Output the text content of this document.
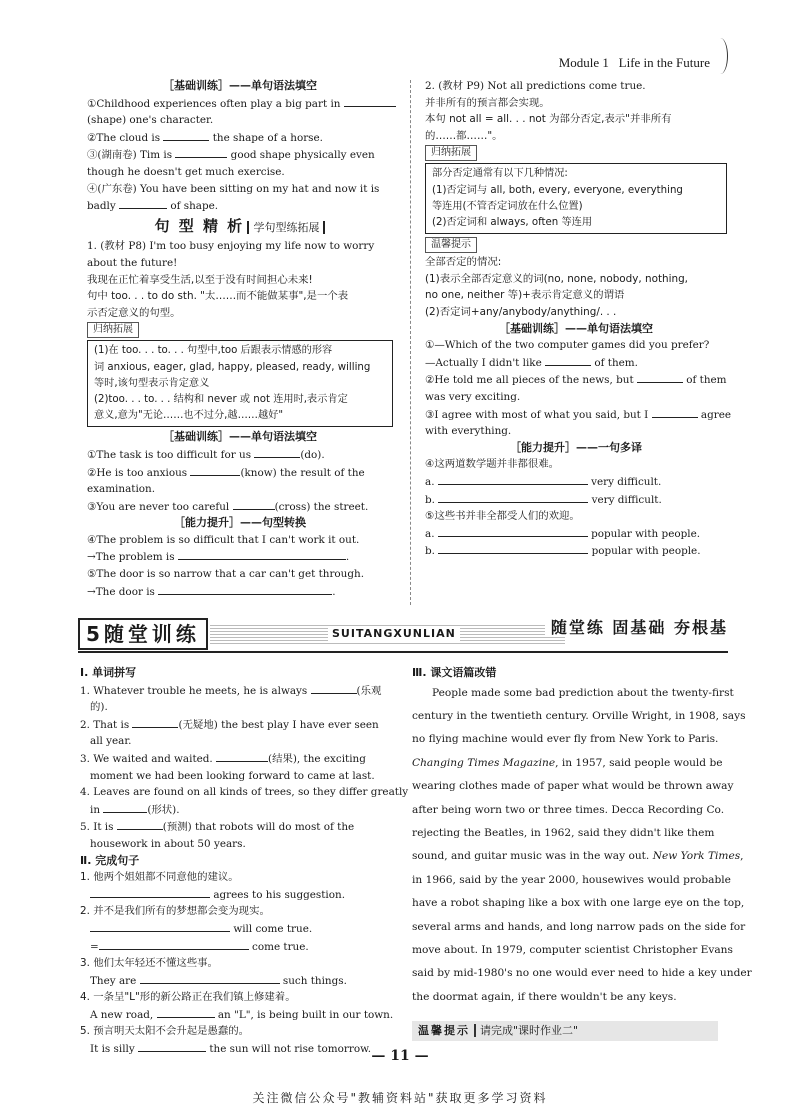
Module 1 Life in the Future
［基础训练］——单句语法填空
①Childhood experiences often play a big part in
(shape) one's character.
②The cloud is	the shape of a horse.
③(湖南卷) Tim is	good shape physically even
though he doesn't get much exercise.
④(广东卷) You have been sitting on my hat and now it is
badly	of shape.
句 型 精 析 学句型练拓展
1. (教材 P8) I'm too busy enjoying my life now to worry
about the future!
我现在正忙着享受生活,以至于没有时间担心未来!
句中 too. . . to do sth. "太……而不能做某事",是一个表
示否定意义的句型。
归纳拓展
(1)在 too. . . to. . . 句型中,too 后跟表示情感的形容
词 anxious, eager, glad, happy, pleased, ready, willing
等时,该句型表示肯定意义
(2)too. . . to. . . 结构和 never 或 not 连用时,表示肯定
意义,意为"无论……也不过分,越……越好"
［基础训练］——单句语法填空
①The task is too difficult for us	(do).
②He is too anxious	(know) the result of the
examination.
③You are never too careful	(cross) the street.
［能力提升］——句型转换
④The problem is so difficult that I can't work it out.
→The problem is	.
⑤The door is so narrow that a car can't get through.
→The door is	.
2. (教材 P9) Not all predictions come true.
并非所有的预言都会实现。
本句 not all = all. . . not 为部分否定,表示"并非所有
的……都……"。
归纳拓展
部分否定通常有以下几种情况:
(1)否定词与 all, both, every, everyone, everything
等连用(不管否定词放在什么位置)
(2)否定词和 always, often 等连用
温馨提示
全部否定的情况:
(1)表示全部否定意义的词(no, none, nobody, nothing,
no one, neither 等)+表示肯定意义的谓语
(2)否定词+any/anybody/anything/. . .
［基础训练］——单句语法填空
①—Which of the two computer games did you prefer?
—Actually I didn't like	of them.
②He told me all pieces of the news, but	of them
was very exciting.
③I agree with most of what you said, but I	agree
with everything.
［能力提升］——一句多译
④这两道数学题并非都很难。
a.	very difficult.
b.	very difficult.
⑤这些书并非全都受人们的欢迎。
a.	popular with people.
b.	popular with people.
5随堂训练	SUITANGXUNLIAN	随堂练 固基础 夯根基
Ⅰ. 单词拼写
1. Whatever trouble he meets, he is always	(乐观
的).
2. That is	(无疑地) the best play I have ever seen
all year.
3. We waited and waited.	(结果), the exciting
moment we had been looking forward to came at last.
4. Leaves are found on all kinds of trees, so they differ greatly
in	(形状).
5. It is	(预测) that robots will do most of the
housework in about 50 years.
Ⅱ. 完成句子
1. 他两个姐姐都不同意他的建议。
agrees to his suggestion.
2. 并不是我们所有的梦想都会变为现实。
will come true.
=	come true.
3. 他们太年轻还不懂这些事。
They are	such things.
4. 一条呈"L"形的新公路正在我们镇上修建着。
A new road,	an "L", is being built in our town.
5. 预言明天太阳不会升起是愚蠢的。
It is silly	the sun will not rise tomorrow.
Ⅲ. 课文语篇改错
People made some bad prediction about the twenty-first
century in the twentieth century. Orville Wright, in 1908, says
no flying machine would ever fly from New York to Paris.
Changing Times Magazine, in 1957, said people would be
wearing clothes made of paper what would be thrown away
after being worn two or three times. Decca Recording Co.
rejecting the Beatles, in 1962, said they didn't like them
sound, and guitar music was in the way out. New York Times,
in 1966, said by the year 2000, housewives would probable
have a robot shaping like a box with one large eye on the top,
several arms and hands, and long narrow pads on the side for
move about. In 1979, computer scientist Christopher Evans
said by mid-1980's no one would ever need to hide a key under
the doormat again, if there wouldn't be any keys.
温馨提示 请完成"课时作业二"
— 11 —
关注微信公众号"教辅资料站"获取更多学习资料
